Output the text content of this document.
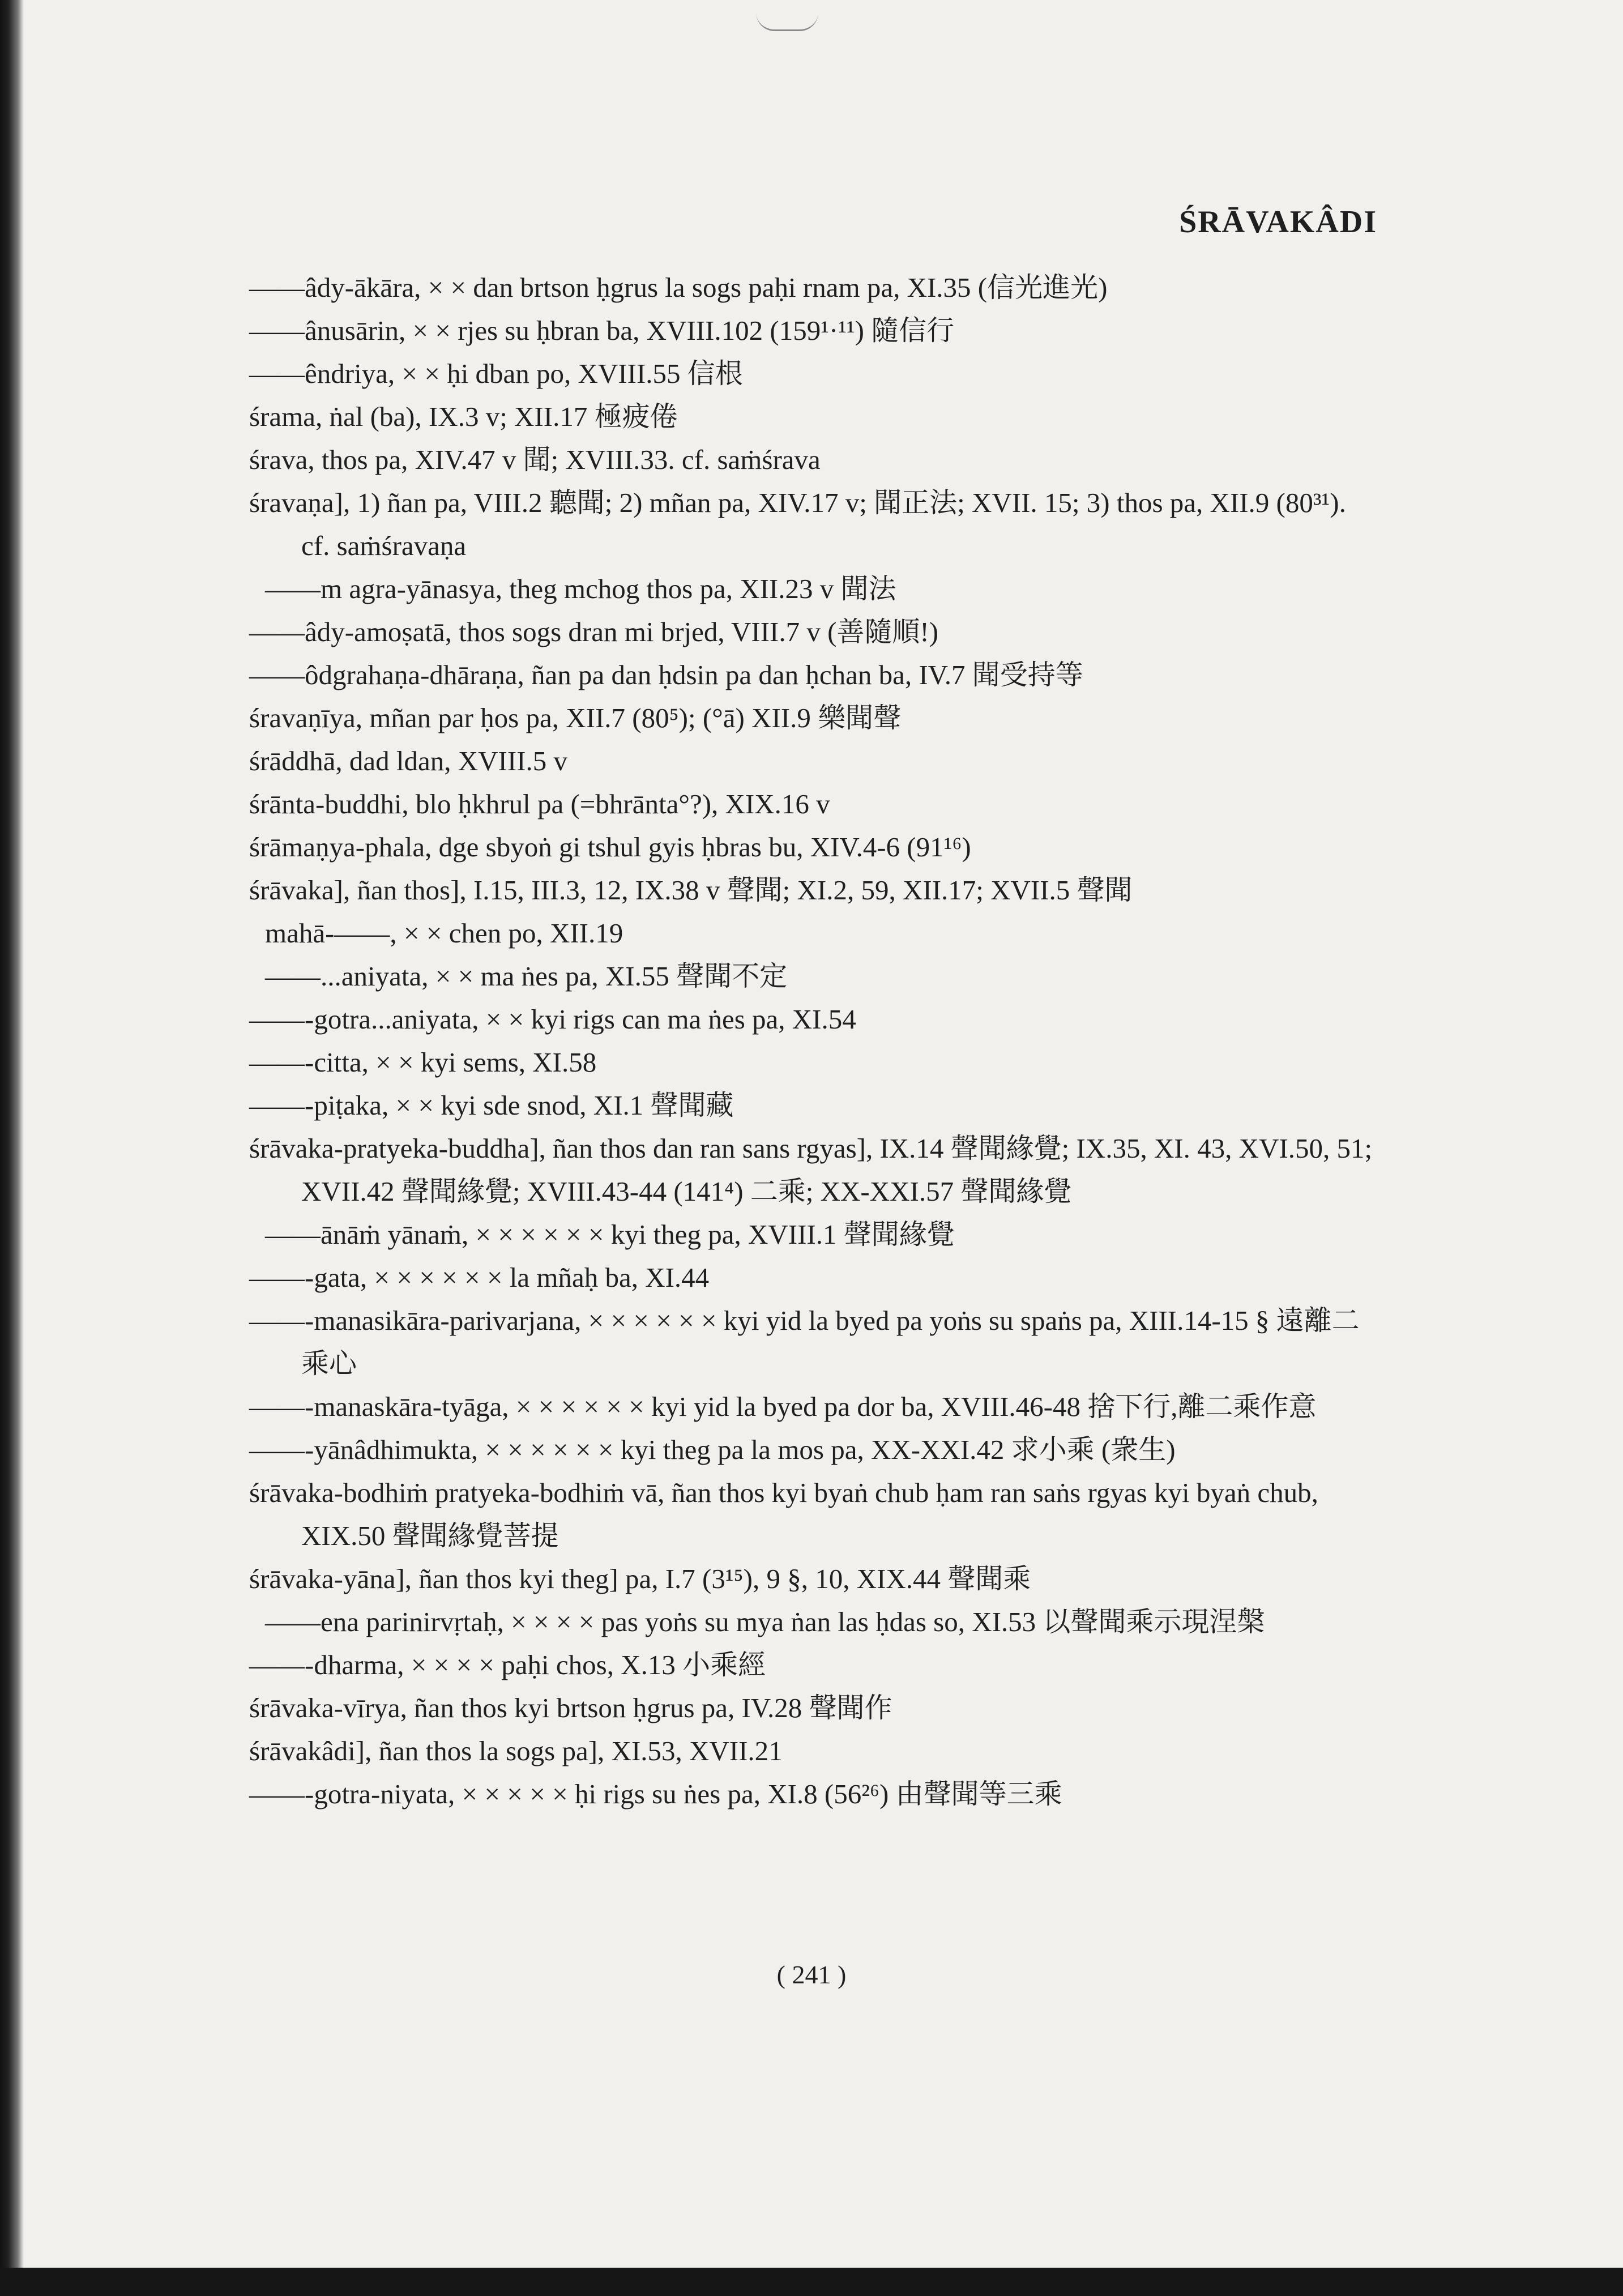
ŚRĀVAKÂDI
——âdy-ākāra, × × dan brtson ḥgrus la sogs paḥi rnam pa, XI.35 (信光進光)
——ânusārin, × × rjes su ḥbran ba, XVIII.102 (159¹·¹¹) 隨信行
——êndriya, × × ḥi dban po, XVIII.55 信根
śrama, ṅal (ba), IX.3 v; XII.17 極疲倦
śrava, thos pa, XIV.47 v 聞; XVIII.33. cf. saṁśrava
śravaṇa], 1) ñan pa, VIII.2 聽聞; 2) mñan pa, XIV.17 v; 聞正法; XVII. 15; 3) thos pa, XII.9 (80³¹). cf. saṁśravaṇa
——m agra-yānasya, theg mchog thos pa, XII.23 v 聞法
——âdy-amoṣatā, thos sogs dran mi brjed, VIII.7 v (善隨順!)
——ôdgrahaṇa-dhāraṇa, ñan pa dan ḥdsin pa dan ḥchan ba, IV.7 聞受持等
śravaṇīya, mñan par ḥos pa, XII.7 (80⁵); (°ā) XII.9 樂聞聲
śrāddhā, dad ldan, XVIII.5 v
śrānta-buddhi, blo ḥkhrul pa (=bhrānta°?), XIX.16 v
śrāmaṇya-phala, dge sbyoṅ gi tshul gyis ḥbras bu, XIV.4-6 (91¹⁶)
śrāvaka], ñan thos], I.15, III.3, 12, IX.38 v 聲聞; XI.2, 59, XII.17; XVII.5 聲聞
mahā-——, × × chen po, XII.19
——...aniyata, × × ma ṅes pa, XI.55 聲聞不定
——-gotra...aniyata, × × kyi rigs can ma ṅes pa, XI.54
——-citta, × × kyi sems, XI.58
——-piṭaka, × × kyi sde snod, XI.1 聲聞藏
śrāvaka-pratyeka-buddha], ñan thos dan ran sans rgyas], IX.14 聲聞緣覺; IX.35, XI. 43, XVI.50, 51; XVII.42 聲聞緣覺; XVIII.43-44 (141⁴) 二乘; XX-XXI.57 聲聞緣覺
——ānāṁ yānaṁ, × × × × × × kyi theg pa, XVIII.1 聲聞緣覺
——-gata, × × × × × × la mñaḥ ba, XI.44
——-manasikāra-parivarjana, × × × × × × kyi yid la byed pa yoṅs su spaṅs pa, XIII.14-15 § 遠離二乘心
——-manaskāra-tyāga, × × × × × × kyi yid la byed pa dor ba, XVIII.46-48 捨下行,離二乘作意
——-yānâdhimukta, × × × × × × kyi theg pa la mos pa, XX-XXI.42 求小乘 (衆生)
śrāvaka-bodhiṁ pratyeka-bodhiṁ vā, ñan thos kyi byaṅ chub ḥam ran saṅs rgyas kyi byaṅ chub, XIX.50 聲聞緣覺菩提
śrāvaka-yāna], ñan thos kyi theg] pa, I.7 (3¹⁵), 9 §, 10, XIX.44 聲聞乘
——ena parinirvṛtaḥ, × × × × pas yoṅs su mya ṅan las ḥdas so, XI.53 以聲聞乘示現涅槃
——-dharma, × × × × paḥi chos, X.13 小乘經
śrāvaka-vīrya, ñan thos kyi brtson ḥgrus pa, IV.28 聲聞作
śrāvakâdi], ñan thos la sogs pa], XI.53, XVII.21
——-gotra-niyata, × × × × × ḥi rigs su ṅes pa, XI.8 (56²⁶) 由聲聞等三乘
( 241 )
